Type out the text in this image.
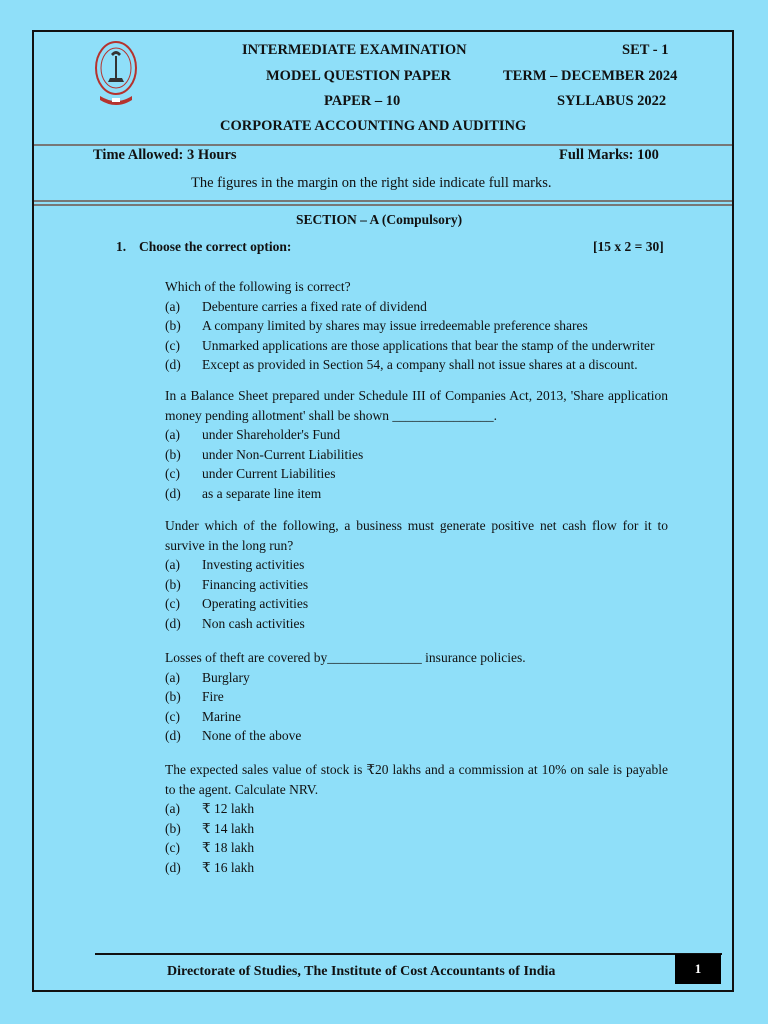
INTERMEDIATE EXAMINATION
MODEL QUESTION PAPER
PAPER – 10
CORPORATE ACCOUNTING AND AUDITING
SET - 1
TERM – DECEMBER 2024
SYLLABUS 2022
Time Allowed: 3 Hours	Full Marks: 100
The figures in the margin on the right side indicate full marks.
SECTION – A (Compulsory)
1. Choose the correct option:	[15 x 2 = 30]
Which of the following is correct?
(a)	Debenture carries a fixed rate of dividend
(b)	A company limited by shares may issue irredeemable preference shares
(c)	Unmarked applications are those applications that bear the stamp of the underwriter
(d)	Except as provided in Section 54, a company shall not issue shares at a discount.
In a Balance Sheet prepared under Schedule III of Companies Act, 2013, 'Share application money pending allotment' shall be shown _______________.
(a)	under Shareholder's Fund
(b)	under Non-Current Liabilities
(c)	under Current Liabilities
(d)	as a separate line item
Under which of the following, a business must generate positive net cash flow for it to survive in the long run?
(a)	Investing activities
(b)	Financing activities
(c)	Operating activities
(d)	Non cash activities
Losses of theft are covered by______________ insurance policies.
(a)	Burglary
(b)	Fire
(c)	Marine
(d)	None of the above
The expected sales value of stock is ₹20 lakhs and a commission at 10% on sale is payable to the agent. Calculate NRV.
(a)	₹ 12 lakh
(b)	₹ 14 lakh
(c)	₹ 18 lakh
(d)	₹ 16 lakh
Directorate of Studies, The Institute of Cost Accountants of India	1
